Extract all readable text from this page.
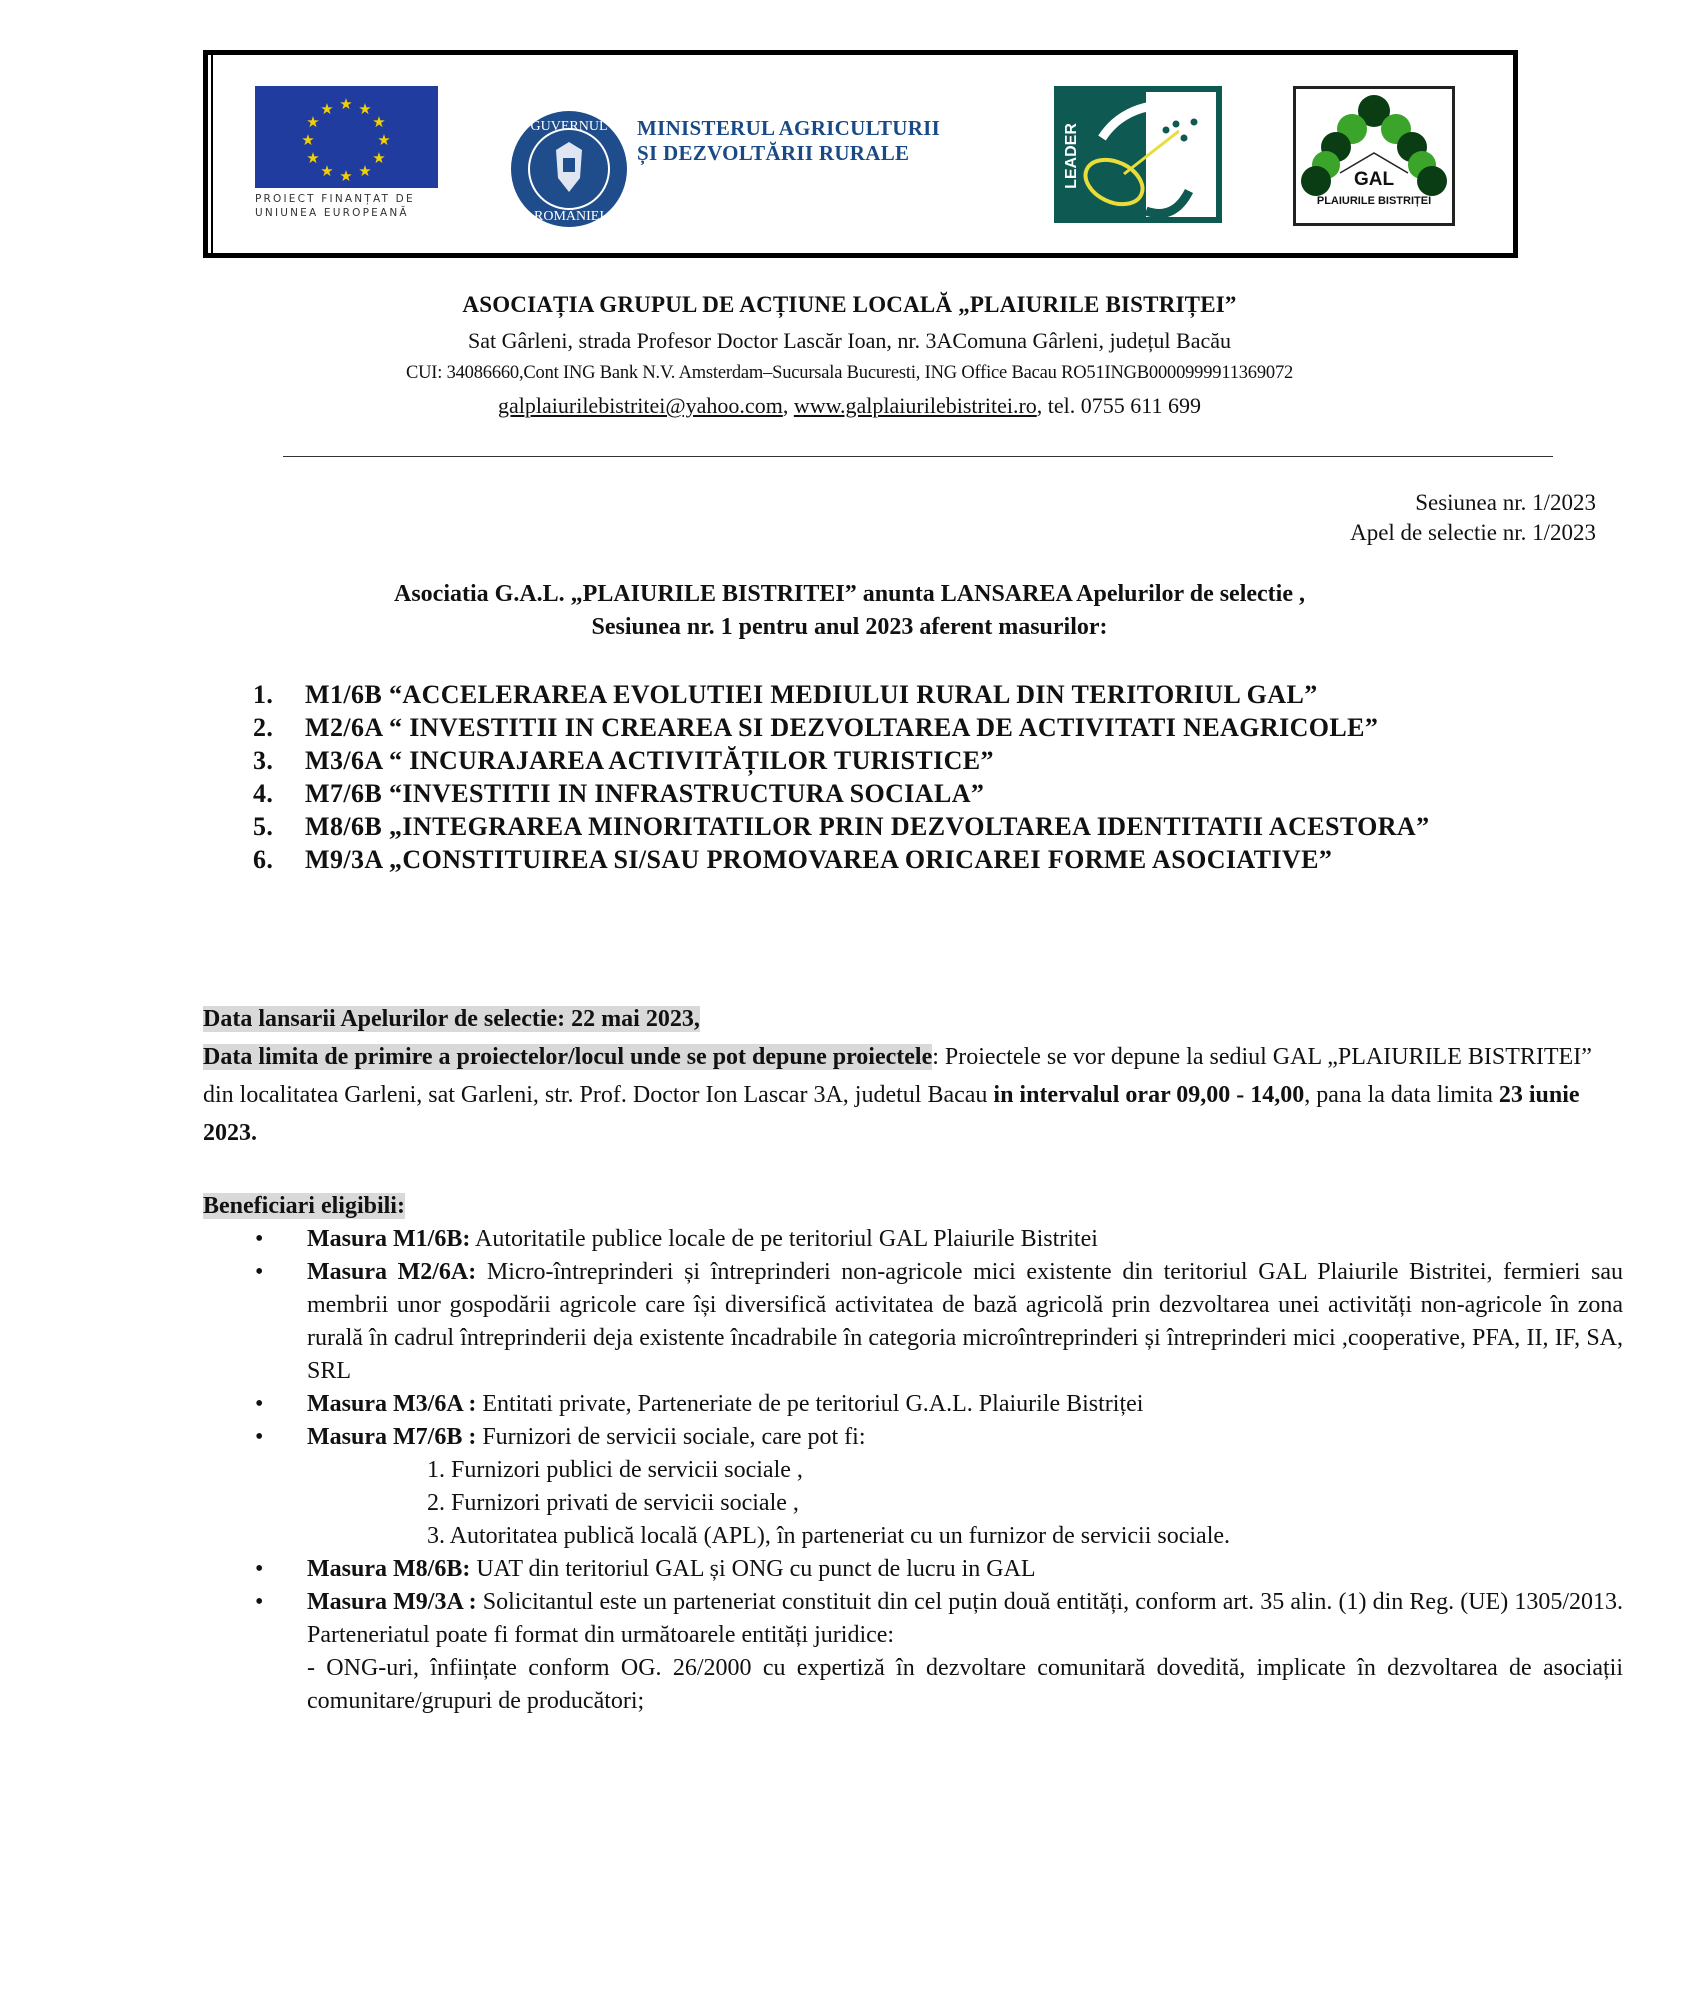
★ ★
★
★
★
★
★
★
★
★
★
★
PROIECT FINANȚAT DE
UNIUNEA EUROPEANĂ
GUVERNUL
ROMÂNIEI
MINISTERUL AGRICULTURII
ȘI DEZVOLTĂRII RURALE	LEADER	GAL
PLAIURILE BISTRIȚEI
ASOCIAȚIA GRUPUL DE ACȚIUNE LOCALĂ „PLAIURILE BISTRIȚEI”
Sat Gârleni, strada Profesor Doctor Lascăr Ioan, nr. 3AComuna Gârleni, județul Bacău
CUI: 34086660,Cont ING Bank N.V. Amsterdam–Sucursala Bucuresti, ING Office Bacau RO51INGB0000999911369072
galplaiurilebistritei@yahoo.com, www.galplaiurilebistritei.ro, tel. 0755 611 699
Sesiunea nr. 1/2023
Apel de selectie nr. 1/2023
Asociatia G.A.L. „PLAIURILE BISTRITEI” anunta LANSAREA Apelurilor de selectie ,
Sesiunea nr. 1 pentru anul 2023 aferent masurilor:
1.	M1/6B “ACCELERAREA EVOLUTIEI MEDIULUI RURAL DIN TERITORIUL GAL”
2.	M2/6A “ INVESTITII IN CREAREA SI DEZVOLTAREA DE ACTIVITATI NEAGRICOLE”
3.	M3/6A “ INCURAJAREA ACTIVITĂȚILOR TURISTICE”
4.	M7/6B “INVESTITII IN INFRASTRUCTURA SOCIALA”
5.	M8/6B „INTEGRAREA MINORITATILOR PRIN DEZVOLTAREA IDENTITATII ACESTORA”
6.	M9/3A „CONSTITUIREA SI/SAU PROMOVAREA ORICAREI FORME ASOCIATIVE”
Data lansarii Apelurilor de selectie: 22 mai 2023,
Data limita de primire a proiectelor/locul unde se pot depune proiectele: Proiectele se vor depune la sediul GAL „PLAIURILE BISTRITEI” din localitatea Garleni, sat Garleni, str. Prof. Doctor Ion Lascar 3A, judetul Bacau in intervalul orar 09,00 - 14,00, pana la data limita 23 iunie 2023.
Beneficiari eligibili:
• Masura M1/6B: Autoritatile publice locale de pe teritoriul GAL Plaiurile Bistritei
• Masura M2/6A: Micro-întreprinderi și întreprinderi non-agricole mici existente din teritoriul GAL Plaiurile Bistritei, fermieri sau membrii unor gospodării agricole care își diversifică activitatea de bază agricolă prin dezvoltarea unei activități non-agricole în zona rurală în cadrul întreprinderii deja existente încadrabile în categoria microîntreprinderi și întreprinderi mici ,cooperative, PFA, II, IF, SA, SRL
• Masura M3/6A : Entitati private, Parteneriate de pe teritoriul G.A.L. Plaiurile Bistriței
• Masura M7/6B : Furnizori de servicii sociale, care pot fi:
1. Furnizori publici de servicii sociale ,
2. Furnizori privati de servicii sociale ,
3. Autoritatea publică locală (APL), în parteneriat cu un furnizor de servicii sociale.
• Masura M8/6B: UAT din teritoriul GAL și ONG cu punct de lucru in GAL
• Masura M9/3A : Solicitantul este un parteneriat constituit din cel puțin două entități, conform art. 35 alin. (1) din Reg. (UE) 1305/2013. Parteneriatul poate fi format din următoarele entități juridice:
- ONG-uri, înființate conform OG. 26/2000 cu expertiză în dezvoltare comunitară dovedită, implicate în dezvoltarea de asociații comunitare/grupuri de producători;
